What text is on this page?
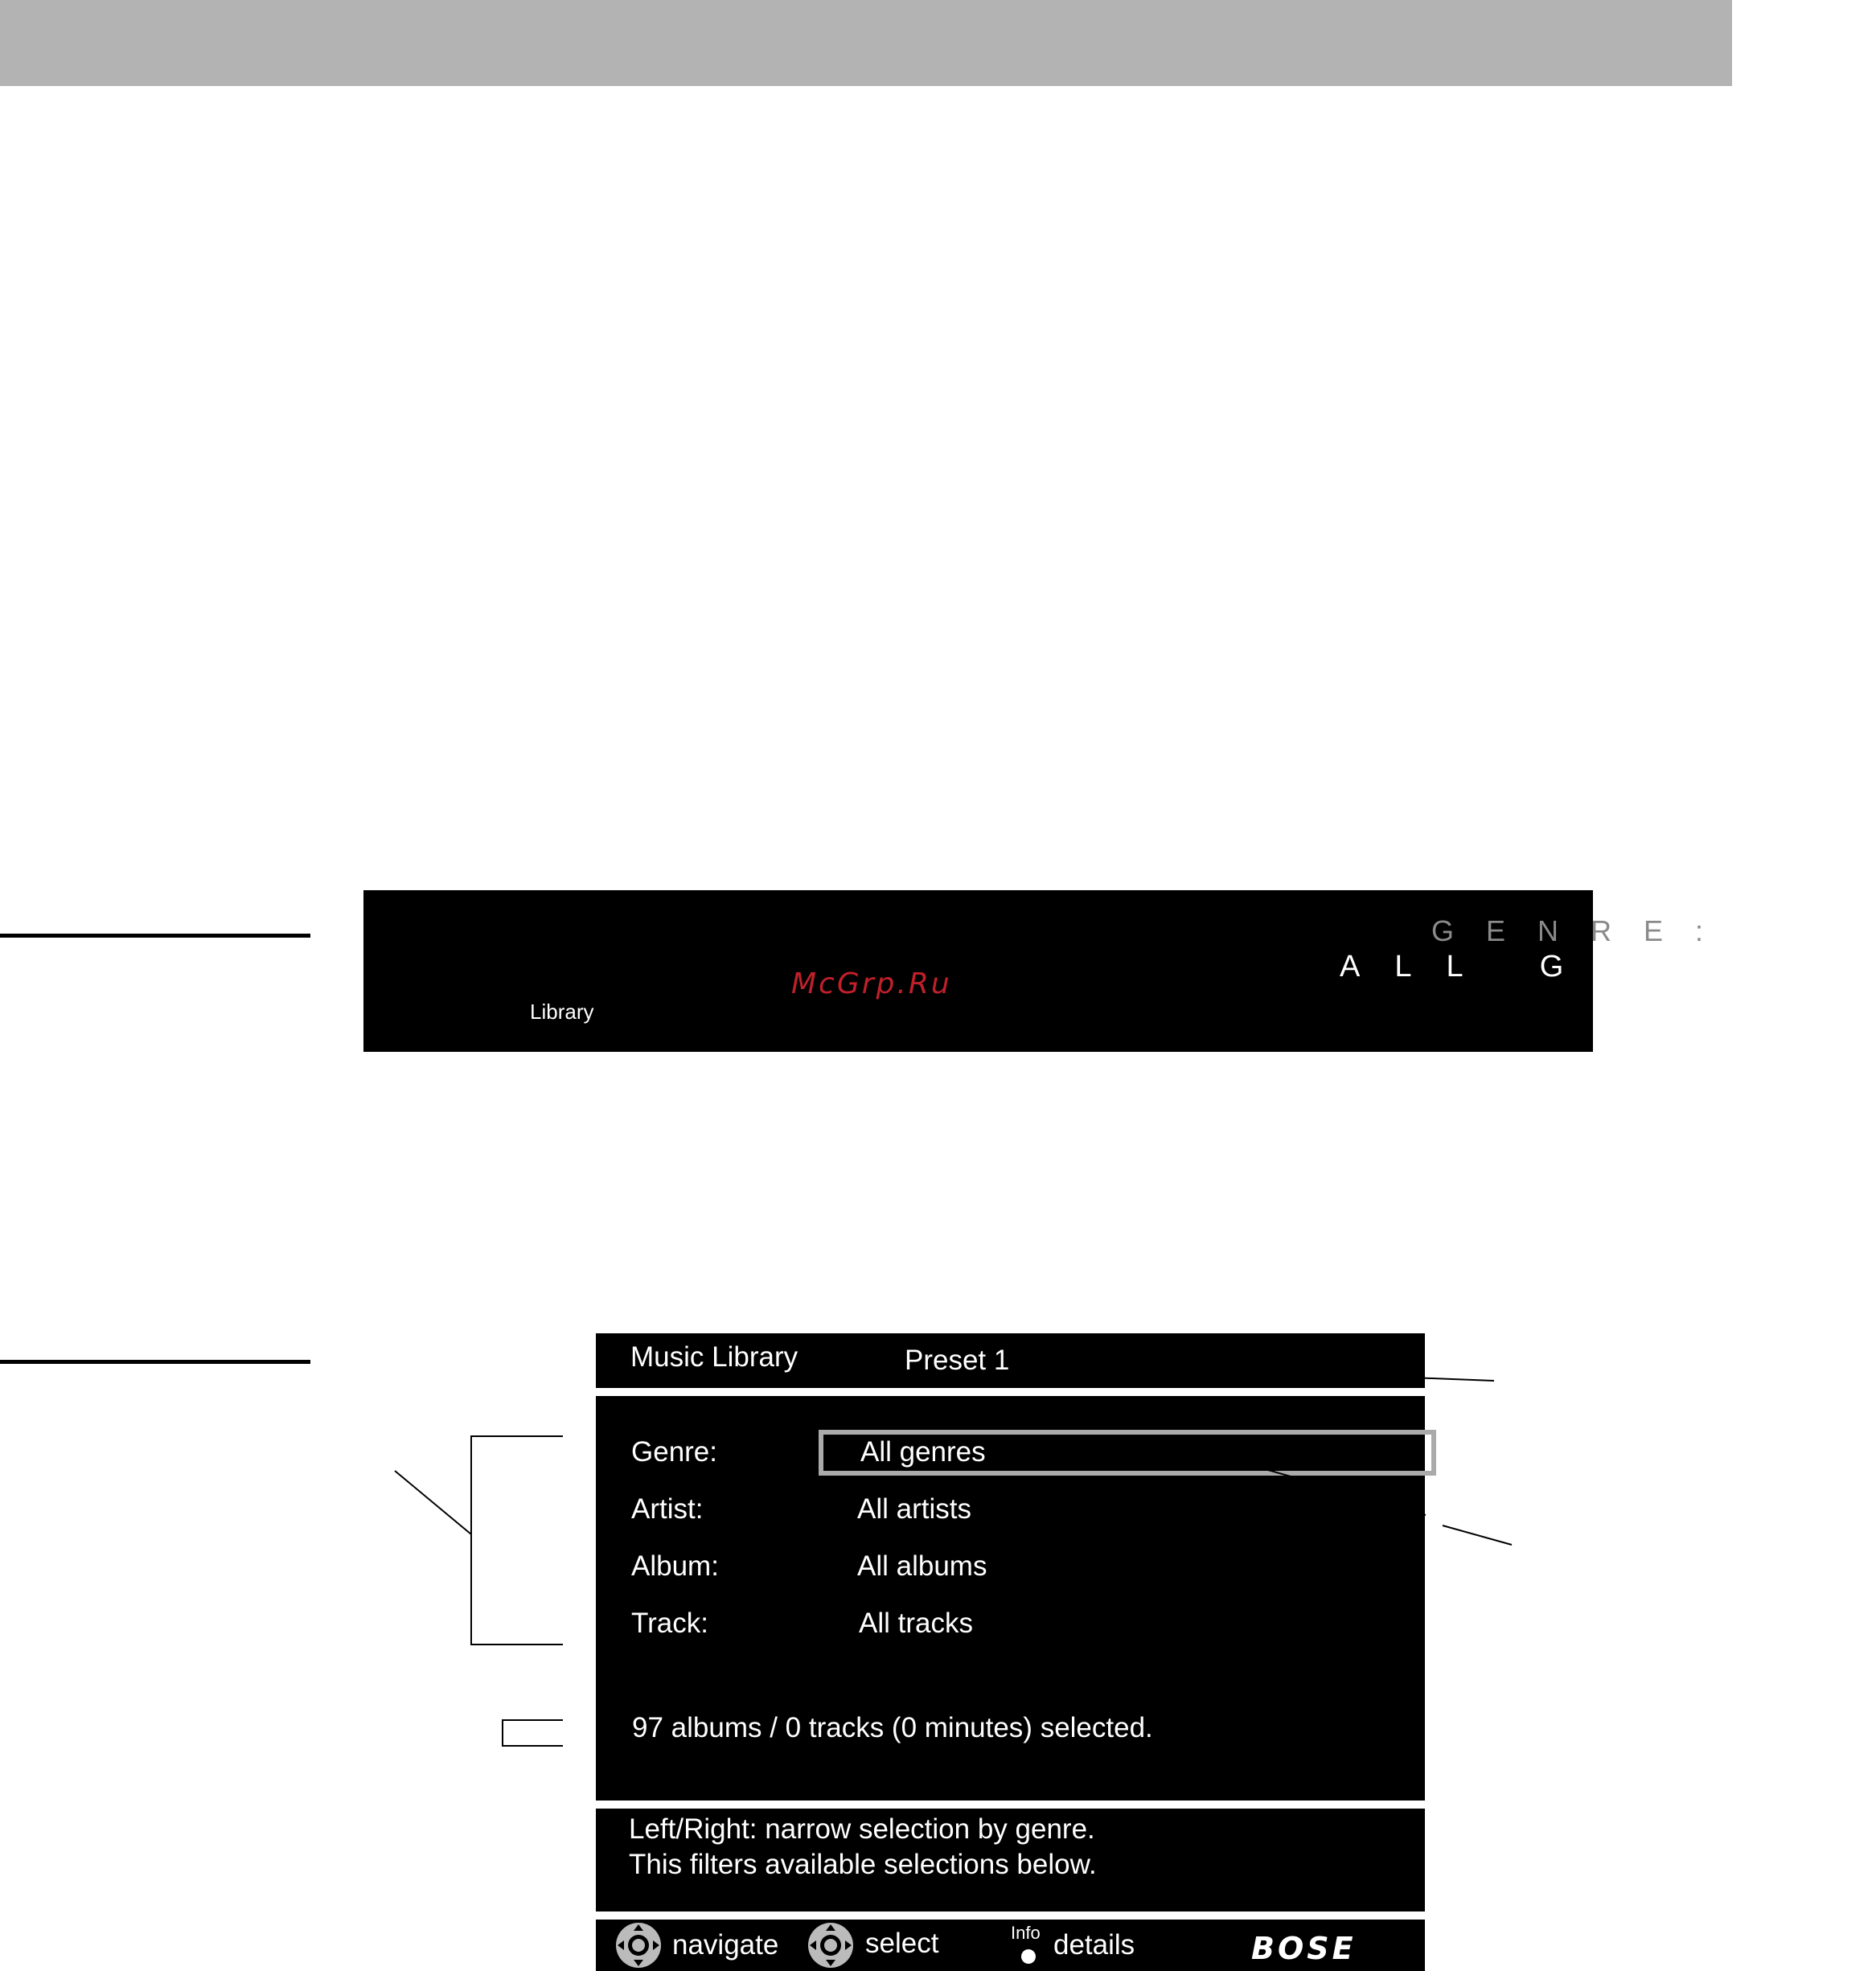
GENRE:
ALL GENRES
Library
McGrp.Ru
Music Library	Preset 1
Genre:	All genres
Artist:	All artists
Album:	All albums
Track:	All tracks
97 albums / 0 tracks (0 minutes) selected.
Left/Right: narrow selection by genre.
This filters available selections below.
navigate	select	Info details	BOSE
